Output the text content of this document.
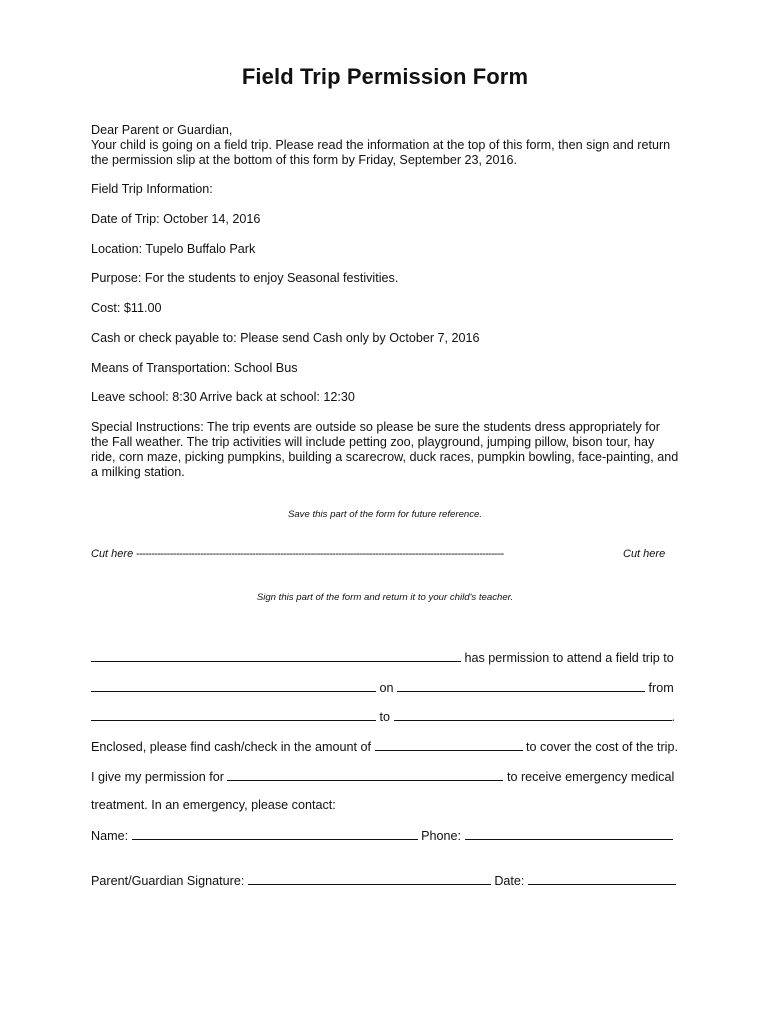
Field Trip Permission Form
Dear Parent or Guardian,
Your child is going on a field trip. Please read the information at the top of this form, then sign and return
the permission slip at the bottom of this form by Friday, September 23, 2016.
Field Trip Information:
Date of Trip: October 14, 2016
Location: Tupelo Buffalo Park
Purpose: For the students to enjoy Seasonal festivities.
Cost: $11.00
Cash or check payable to: Please send Cash only by October 7, 2016
Means of Transportation: School Bus
Leave school: 8:30 Arrive back at school: 12:30
Special Instructions: The trip events are outside so please be sure the students dress appropriately for
the Fall weather. The trip activities will include petting zoo, playground, jumping pillow, bison tour, hay
ride, corn maze, picking pumpkins, building a scarecrow, duck races, pumpkin bowling, face-painting, and
a milking station.
Save this part of the form for future reference.
Cut here ------------------------------------------------------------------------------------------------------------------------	Cut here
Sign this part of the form and return it to your child's teacher.
has permission to attend a field trip to
on	from
to	.
Enclosed, please find cash/check in the amount of	to cover the cost of the trip.
I give my permission for	to receive emergency medical
treatment. In an emergency, please contact:
Name:	Phone:
Parent/Guardian Signature:	Date:
